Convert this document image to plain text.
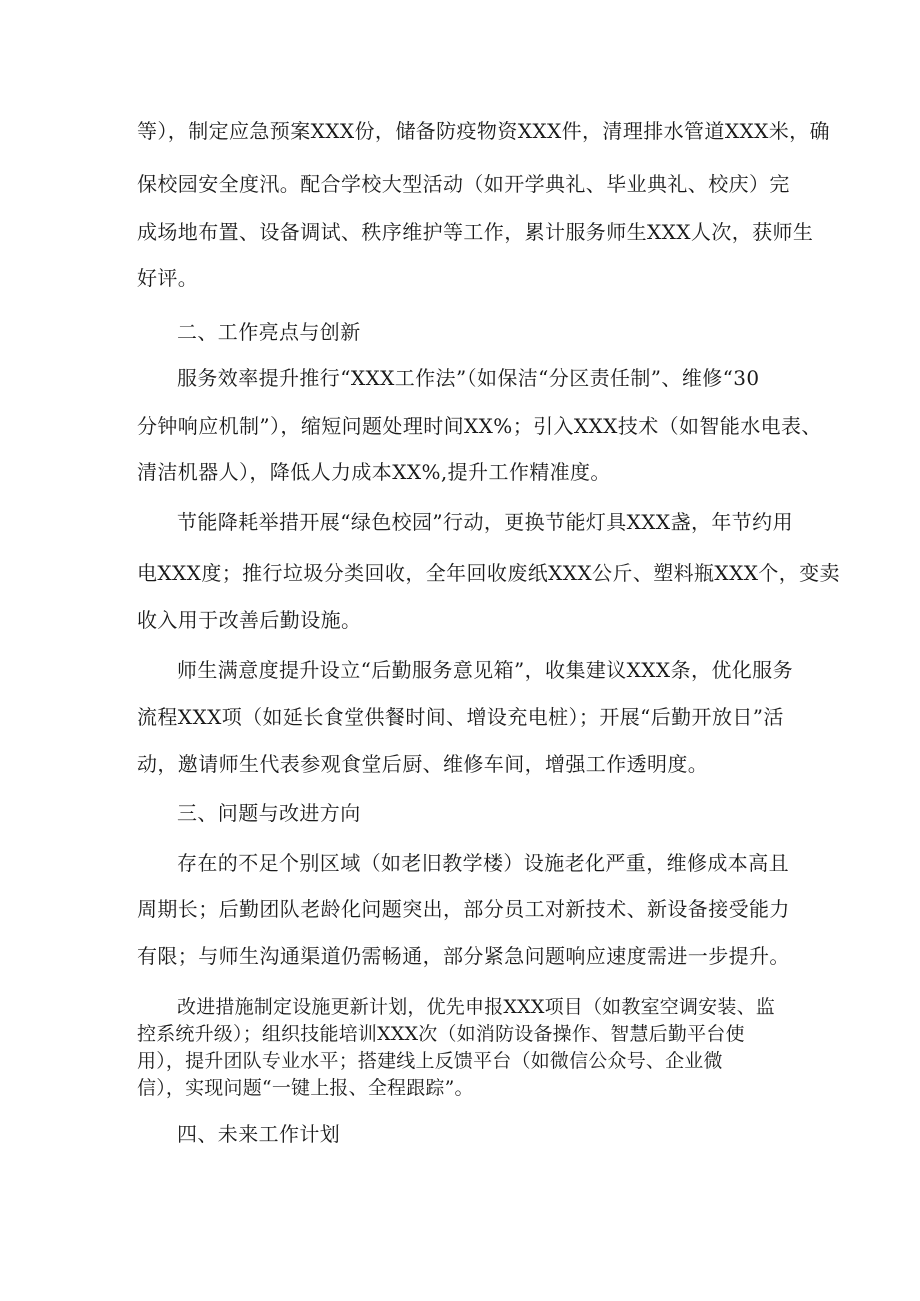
等），制定应急预案XXX份，储备防疫物资XXX件，清理排水管道XXX米，确
保校园安全度汛。配合学校大型活动（如开学典礼、毕业典礼、校庆）完
成场地布置、设备调试、秩序维护等工作，累计服务师生XXX人次，获师生
好评。
二、工作亮点与创新
服务效率提升推行“XXX工作法”（如保洁“分区责任制”、维修“30
分钟响应机制”），缩短问题处理时间XX%；引入XXX技术（如智能水电表、
清洁机器人），降低人力成本XX%,提升工作精准度。
节能降耗举措开展“绿色校园”行动，更换节能灯具XXX盏，年节约用
电XXX度；推行垃圾分类回收，全年回收废纸XXX公斤、塑料瓶XXX个，变卖
收入用于改善后勤设施。
师生满意度提升设立“后勤服务意见箱”，收集建议XXX条，优化服务
流程XXX项（如延长食堂供餐时间、增设充电桩）；开展“后勤开放日”活
动，邀请师生代表参观食堂后厨、维修车间，增强工作透明度。
三、问题与改进方向
存在的不足个别区域（如老旧教学楼）设施老化严重，维修成本高且
周期长；后勤团队老龄化问题突出，部分员工对新技术、新设备接受能力
有限；与师生沟通渠道仍需畅通，部分紧急问题响应速度需进一步提升。
改进措施制定设施更新计划，优先申报XXX项目（如教室空调安装、监
控系统升级）；组织技能培训XXX次（如消防设备操作、智慧后勤平台使
用），提升团队专业水平；搭建线上反馈平台（如微信公众号、企业微
信），实现问题“一键上报、全程跟踪”。
四、未来工作计划
